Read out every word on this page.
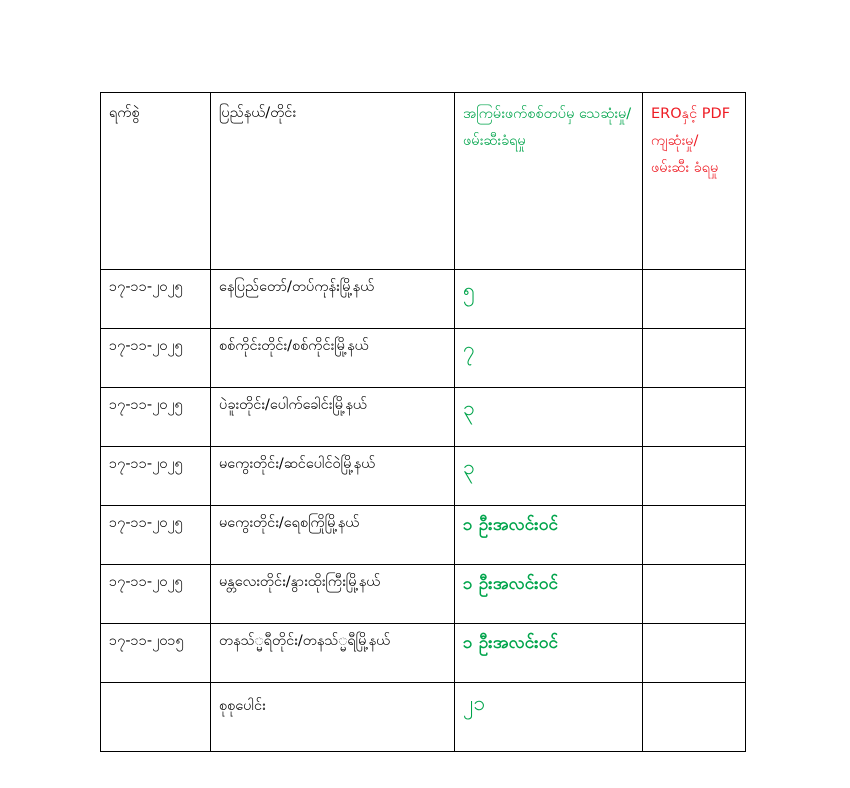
ရက်စွဲ	ပြည်နယ်/တိုင်း	အကြမ်းဖက်စစ်တပ်မှ သေဆုံးမှု/ ဖမ်းဆီးခံရမှု	EROနှင့် PDF ကျဆုံးမှု/ ဖမ်းဆီး ခံရမှု

၁၇-၁၁-၂၀၂၅	နေပြည်တော်/တပ်ကုန်းမြို့နယ်	၅	
၁၇-၁၁-၂၀၂၅	စစ်ကိုင်းတိုင်း/စစ်ကိုင်းမြို့နယ်	၇	
၁၇-၁၁-၂၀၂၅	ပဲခူးတိုင်း/ပေါက်ခေါင်းမြို့နယ်	၃	
၁၇-၁၁-၂၀၂၅	မကွေးတိုင်း/ဆင်ပေါင်ဝဲမြို့နယ်	၃	
၁၇-၁၁-၂၀၂၅	မကွေးတိုင်း/ရေစကြိုမြို့နယ်	၁ ဦးအလင်းဝင်	
၁၇-၁၁-၂၀၂၅	မန္တလေးတိုင်း/နွားထိုးကြီးမြို့နယ်	၁ ဦးအလင်းဝင်	
၁၇-၁၁-၂၀၁၅	တနသ်္မရီတိုင်း/တနသ်္မရီမြို့နယ်	၁ ဦးအလင်းဝင်	
	စုစုပေါင်း	၂၁	
